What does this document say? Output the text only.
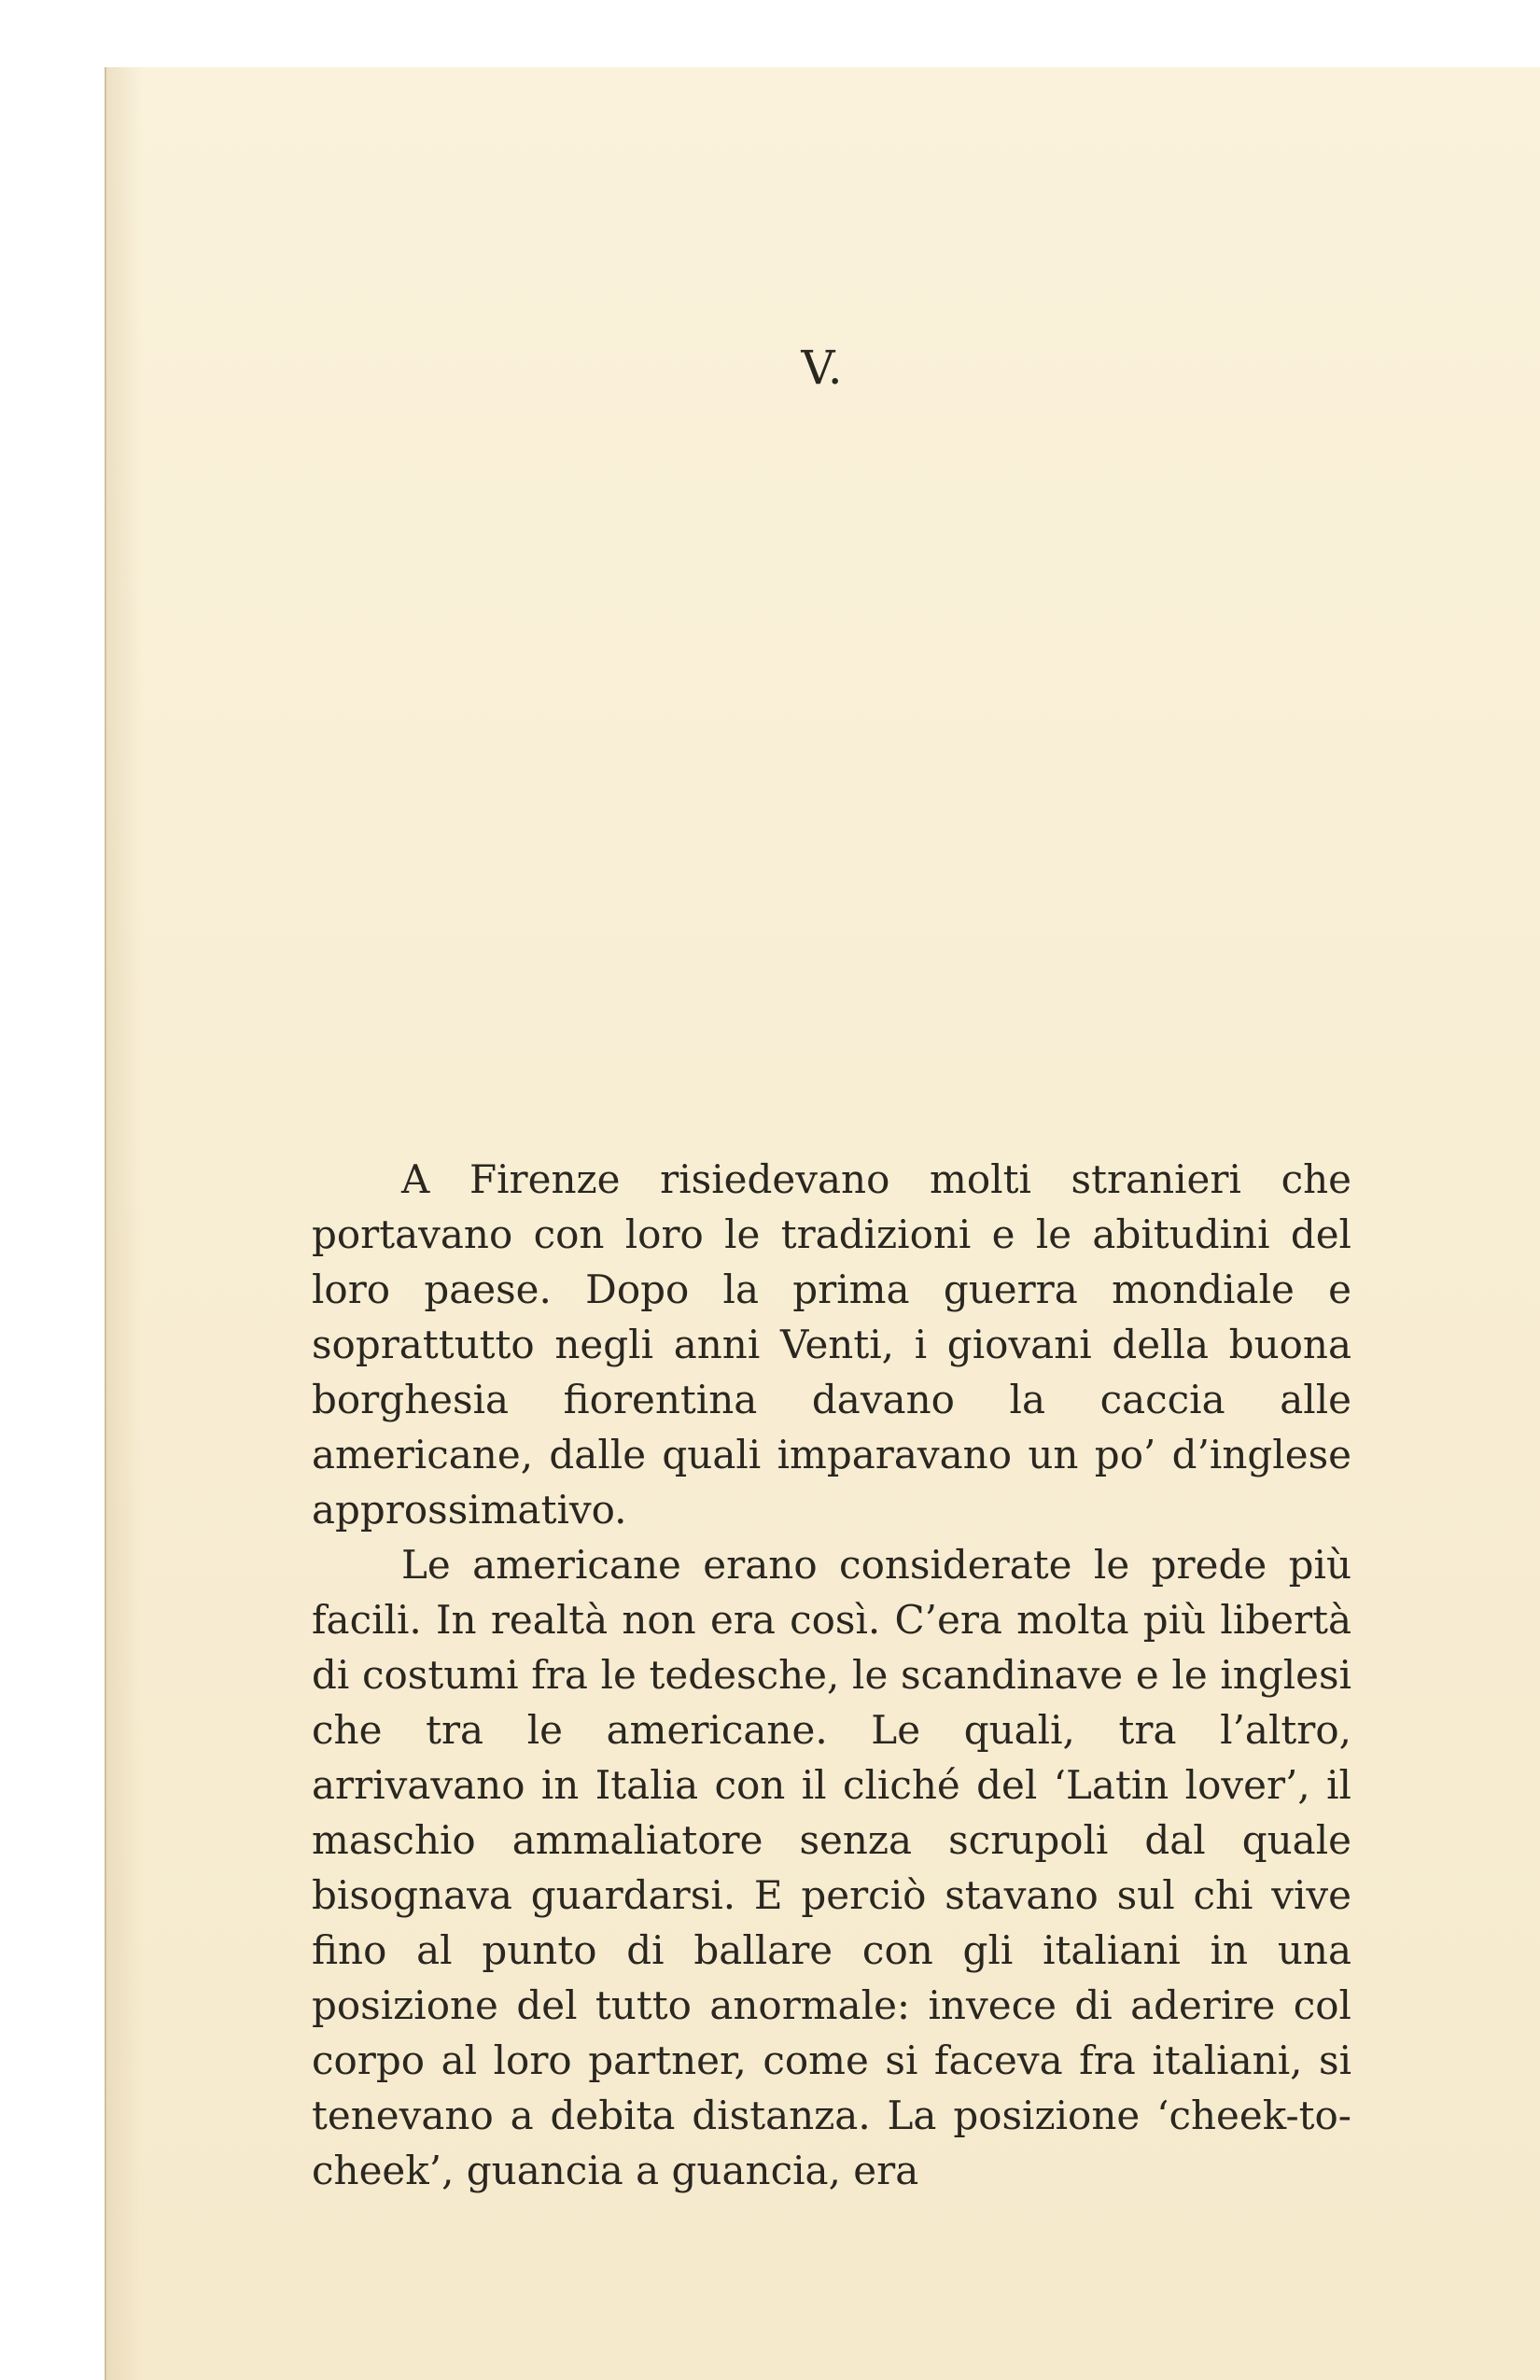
V.

A Firenze risiedevano molti stranieri che portavano con loro le tradizioni e le abitudini del loro paese. Dopo la prima guerra mondiale e soprattutto negli anni Venti, i giovani della buona borghesia fiorentina davano la caccia alle americane, dalle quali imparavano un po’ d’inglese approssimativo.

Le americane erano considerate le prede più facili. In realtà non era così. C’era molta più libertà di costumi fra le tedesche, le scandinave e le inglesi che tra le americane. Le quali, tra l’altro, arrivavano in Italia con il cliché del ‘Latin lover’, il maschio ammaliatore senza scrupoli dal quale bisognava guardarsi. E perciò stavano sul chi vive fino al punto di ballare con gli italiani in una posizione del tutto anormale: invece di aderire col corpo al loro partner, come si faceva fra italiani, si tenevano a debita distanza. La posizione ‘cheek-to-cheek’, guancia a guancia, era
